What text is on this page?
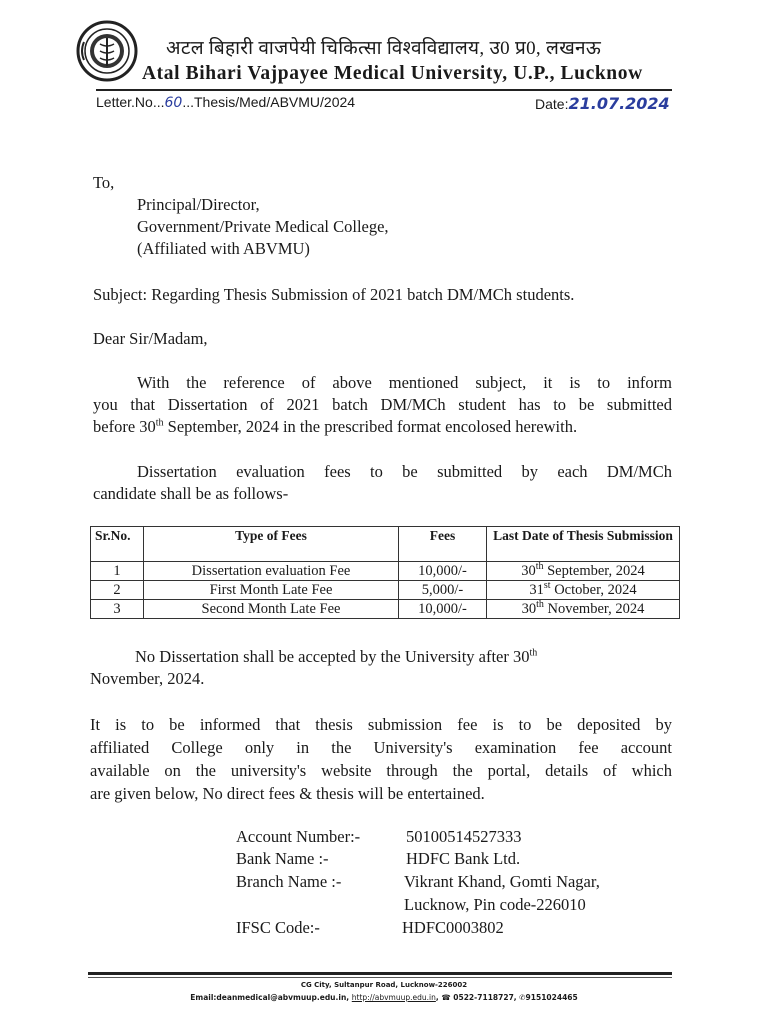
अटल बिहारी वाजपेयी चिकित्सा विश्वविद्यालय, उ0 प्र0, लखनऊ
Atal Bihari Vajpayee Medical University, U.P., Lucknow
Letter.No...60...Thesis/Med/ABVMU/2024	Date:21.07.2024
To,
Principal/Director,
Government/Private Medical College,
(Affiliated with ABVMU)
Subject: Regarding Thesis Submission of 2021 batch DM/MCh students.
Dear Sir/Madam,
With the reference of above mentioned subject, it is to inform
you that Dissertation of 2021 batch DM/MCh student has to be submitted
before 30th September, 2024 in the prescribed format encolosed herewith.
Dissertation evaluation fees to be submitted by each DM/MCh
candidate shall be as follows-
Sr.No.	Type of Fees	Fees	Last Date of Thesis Submission
1	Dissertation evaluation Fee	10,000/-	30th September, 2024
2	First Month Late Fee	5,000/-	31st October, 2024
3	Second Month Late Fee	10,000/-	30th November, 2024
No Dissertation shall be accepted by the University after 30th
November, 2024.
It is to be informed that thesis submission fee is to be deposited by
affiliated College only in the University's examination fee account
available on the university's website through the portal, details of which
are given below, No direct fees & thesis will be entertained.
Account Number:-	50100514527333
Bank Name :-	HDFC Bank Ltd.
Branch Name :-	Vikrant Khand, Gomti Nagar,
Lucknow, Pin code-226010
IFSC Code:-	HDFC0003802
CG City, Sultanpur Road, Lucknow-226002
Email:deanmedical@abvmuup.edu.in, http://abvmuup.edu.in, ☎ 0522-7118727, ✆9151024465
